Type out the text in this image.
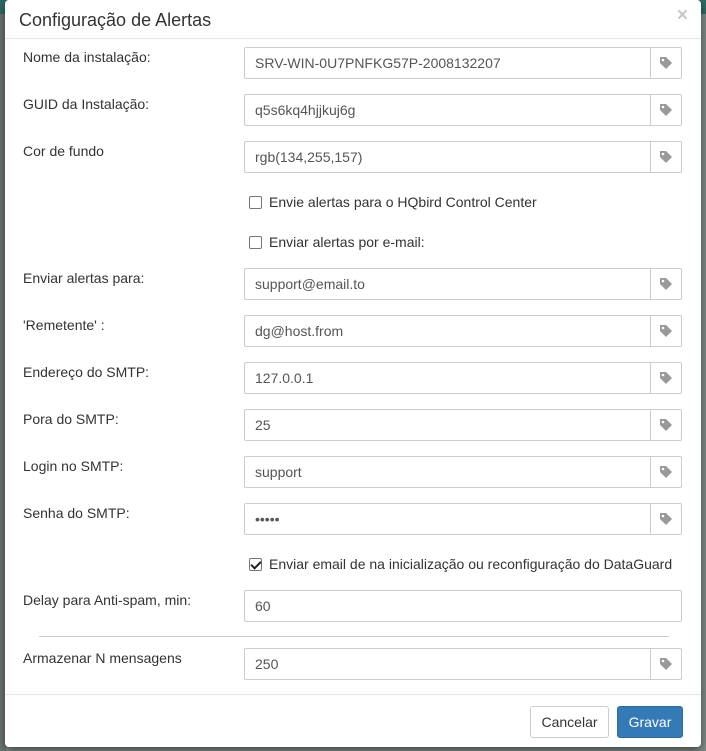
Configuração de Alertas	×
Nome da instalação:	SRV-WIN-0U7PNFKG57P-2008132207
GUID da Instalação:	q5s6kq4hjjkuj6g
Cor de fundo	rgb(134,255,157)
Envie alertas para o HQbird Control Center
Enviar alertas por e-mail:
Enviar alertas para:	support@email.to
'Remetente' :	dg@host.from
Endereço do SMTP:	127.0.0.1
Pora do SMTP:	25
Login no SMTP:	support
Senha do SMTP:	•••••
Enviar email de na inicialização ou reconfiguração do DataGuard
Delay para Anti-spam, min:	60
Armazenar N mensagens	250
Cancelar	Gravar
